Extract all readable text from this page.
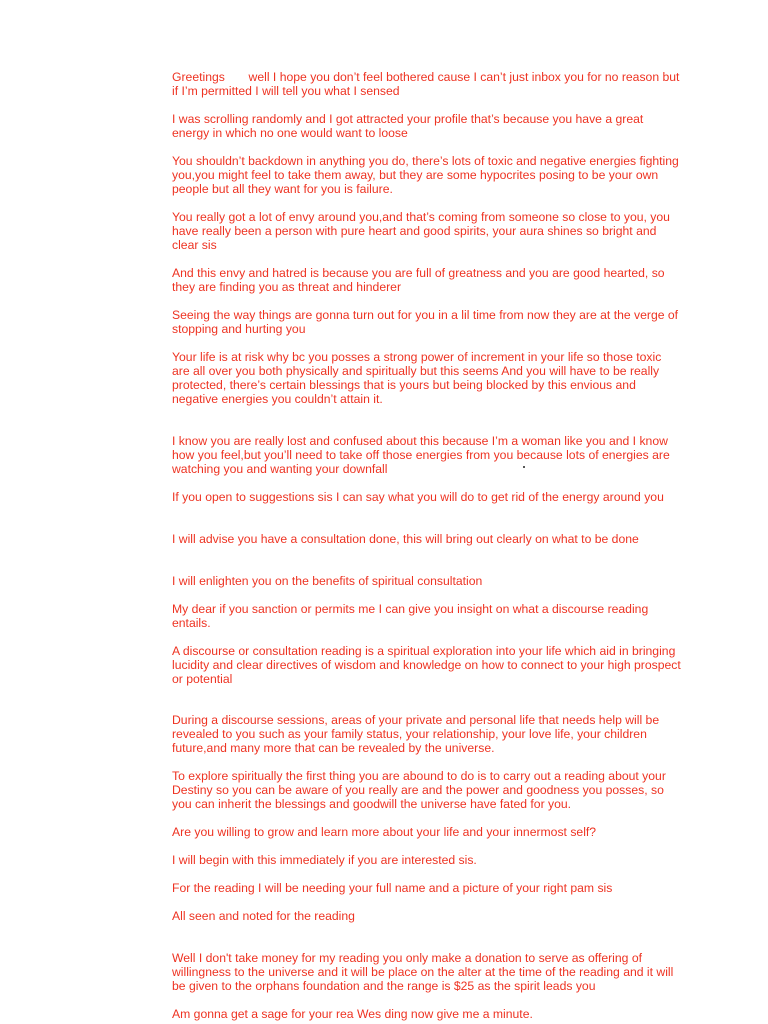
Greetings       well I hope you don’t feel bothered cause I can’t just inbox you for no reason but if I’m permitted I will tell you what I sensed

I was scrolling randomly and I got attracted your profile that’s because you have a great energy in which no one would want to loose

You shouldn’t backdown in anything you do, there’s lots of toxic and negative energies fighting you,you might feel to take them away, but they are some hypocrites posing to be your own people but all they want for you is failure.

You really got a lot of envy around you,and that’s coming from someone so close to you, you have really been a person with pure heart and good spirits, your aura shines so bright and clear sis

And this envy and hatred is because you are full of greatness and you are good hearted, so they are finding you as threat and hinderer

Seeing the way things are gonna turn out for you in a lil time from now they are at the verge of stopping and hurting you

Your life is at risk why bc you posses a strong power of increment in your life so those toxic are all over you both physically and spiritually but this seems And you will have to be really protected, there’s certain blessings that is yours but being blocked by this envious and negative energies you couldn’t attain it.

I know you are really lost and confused about this because I’m a woman like you and I know how you feel,but you’ll need to take off those energies from you because lots of energies are watching you and wanting your downfall

If you open to suggestions sis I can say what you will do to get rid of the energy around you

I will advise you have a consultation done, this will bring out clearly on what to be done

I will enlighten you on the benefits of spiritual consultation

My dear if you sanction or permits me I can give you insight on what a discourse reading entails.

A discourse or consultation reading is a spiritual exploration into your life which aid in bringing lucidity and clear directives of wisdom and knowledge on how to connect to your high prospect or potential

During a discourse sessions, areas of your private and personal life that needs help will be revealed to you such as your family status, your relationship, your love life, your children future,and many more that can be revealed by the universe.

To explore spiritually the first thing you are abound to do is to carry out a reading about your Destiny so you can be aware of you really are and the power and goodness you posses, so you can inherit the blessings and goodwill the universe have fated for you.

Are you willing to grow and learn more about your life and your innermost self?

I will begin with this immediately if you are interested sis.

For the reading I will be needing your full name and a picture of your right pam sis

All seen and noted for the reading

Well I don't take money for my reading you only make a donation to serve as offering of willingness to the universe and it will be place on the alter at the time of the reading and it will be given to the orphans foundation and the range is $25 as the spirit leads you

Am gonna get a sage for your rea Wes ding now give me a minute.
